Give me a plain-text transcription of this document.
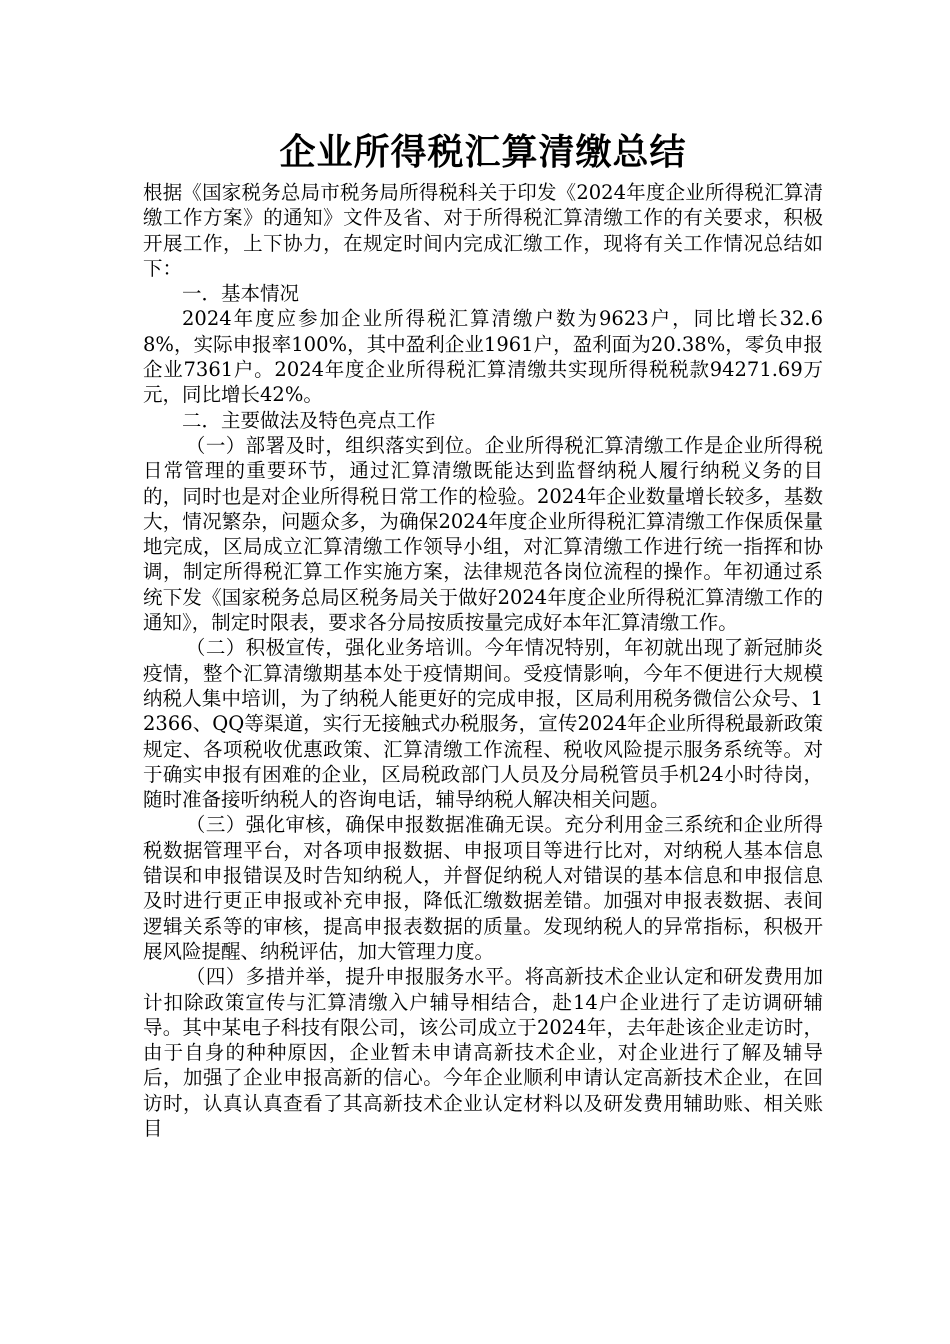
企业所得税汇算清缴总结

根据《国家税务总局市税务局所得税科关于印发《2024年度企业所得税汇算清缴工作方案》的通知》文件及省、对于所得税汇算清缴工作的有关要求，积极开展工作，上下协力，在规定时间内完成汇缴工作，现将有关工作情况总结如下：

一．基本情况

2024年度应参加企业所得税汇算清缴户数为9623户，同比增长32.68%，实际申报率100%，其中盈利企业1961户，盈利面为20.38%，零负申报企业7361户。2024年度企业所得税汇算清缴共实现所得税税款94271.69万元，同比增长42%。

二．主要做法及特色亮点工作

（一）部署及时，组织落实到位。企业所得税汇算清缴工作是企业所得税日常管理的重要环节，通过汇算清缴既能达到监督纳税人履行纳税义务的目的，同时也是对企业所得税日常工作的检验。2024年企业数量增长较多，基数大，情况繁杂，问题众多，为确保2024年度企业所得税汇算清缴工作保质保量地完成，区局成立汇算清缴工作领导小组，对汇算清缴工作进行统一指挥和协调，制定所得税汇算工作实施方案，法律规范各岗位流程的操作。年初通过系统下发《国家税务总局区税务局关于做好2024年度企业所得税汇算清缴工作的通知》，制定时限表，要求各分局按质按量完成好本年汇算清缴工作。

（二）积极宣传，强化业务培训。今年情况特别，年初就出现了新冠肺炎疫情，整个汇算清缴期基本处于疫情期间。受疫情影响，今年不便进行大规模纳税人集中培训，为了纳税人能更好的完成申报，区局利用税务微信公众号、12366、QQ等渠道，实行无接触式办税服务，宣传2024年企业所得税最新政策规定、各项税收优惠政策、汇算清缴工作流程、税收风险提示服务系统等。对于确实申报有困难的企业，区局税政部门人员及分局税管员手机24小时待岗，随时准备接听纳税人的咨询电话，辅导纳税人解决相关问题。

（三）强化审核，确保申报数据准确无误。充分利用金三系统和企业所得税数据管理平台，对各项申报数据、申报项目等进行比对，对纳税人基本信息错误和申报错误及时告知纳税人，并督促纳税人对错误的基本信息和申报信息及时进行更正申报或补充申报，降低汇缴数据差错。加强对申报表数据、表间逻辑关系等的审核，提高申报表数据的质量。发现纳税人的异常指标，积极开展风险提醒、纳税评估，加大管理力度。

（四）多措并举，提升申报服务水平。将高新技术企业认定和研发费用加计扣除政策宣传与汇算清缴入户辅导相结合，赴14户企业进行了走访调研辅导。其中某电子科技有限公司，该公司成立于2024年，去年赴该企业走访时，由于自身的种种原因，企业暂未申请高新技术企业，对企业进行了解及辅导后，加强了企业申报高新的信心。今年企业顺利申请认定高新技术企业，在回访时，认真认真查看了其高新技术企业认定材料以及研发费用辅助账、相关账目
